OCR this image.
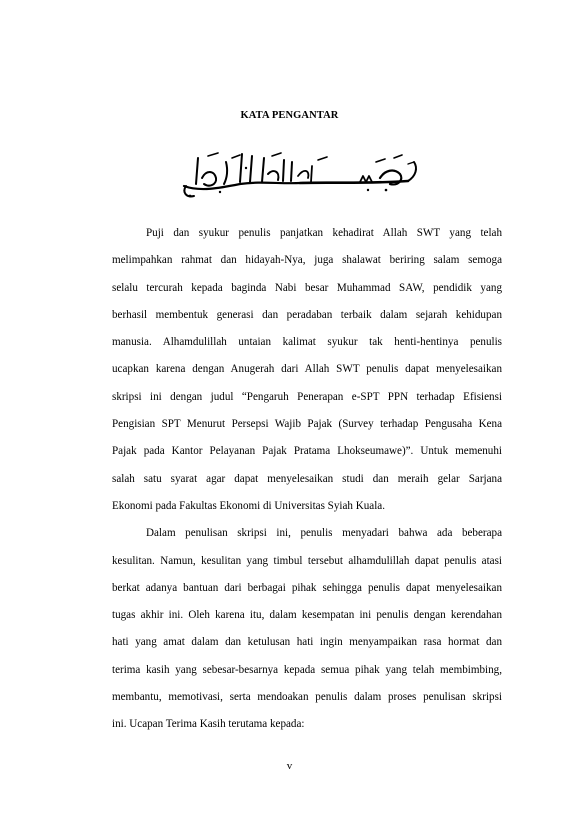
KATA PENGANTAR

Puji dan syukur penulis panjatkan kehadirat Allah SWT yang telah
melimpahkan rahmat dan hidayah-Nya, juga shalawat beriring salam semoga
selalu tercurah kepada baginda Nabi besar Muhammad SAW, pendidik yang
berhasil membentuk generasi dan peradaban terbaik dalam sejarah kehidupan
manusia. Alhamdulillah untaian kalimat syukur tak henti-hentinya penulis
ucapkan karena dengan Anugerah dari Allah SWT penulis dapat menyelesaikan
skripsi ini dengan judul “Pengaruh Penerapan e-SPT PPN terhadap Efisiensi
Pengisian SPT Menurut Persepsi Wajib Pajak (Survey terhadap Pengusaha Kena
Pajak pada Kantor Pelayanan Pajak Pratama Lhokseumawe)”. Untuk memenuhi
salah satu syarat agar dapat menyelesaikan studi dan meraih gelar Sarjana
Ekonomi pada Fakultas Ekonomi di Universitas Syiah Kuala.

Dalam penulisan skripsi ini, penulis menyadari bahwa ada beberapa
kesulitan. Namun, kesulitan yang timbul tersebut alhamdulillah dapat penulis atasi
berkat adanya bantuan dari berbagai pihak sehingga penulis dapat menyelesaikan
tugas akhir ini. Oleh karena itu, dalam kesempatan ini penulis dengan kerendahan
hati yang amat dalam dan ketulusan hati ingin menyampaikan rasa hormat dan
terima kasih yang sebesar-besarnya kepada semua pihak yang telah membimbing,
membantu, memotivasi, serta mendoakan penulis dalam proses penulisan skripsi
ini. Ucapan Terima Kasih terutama kepada:

v
